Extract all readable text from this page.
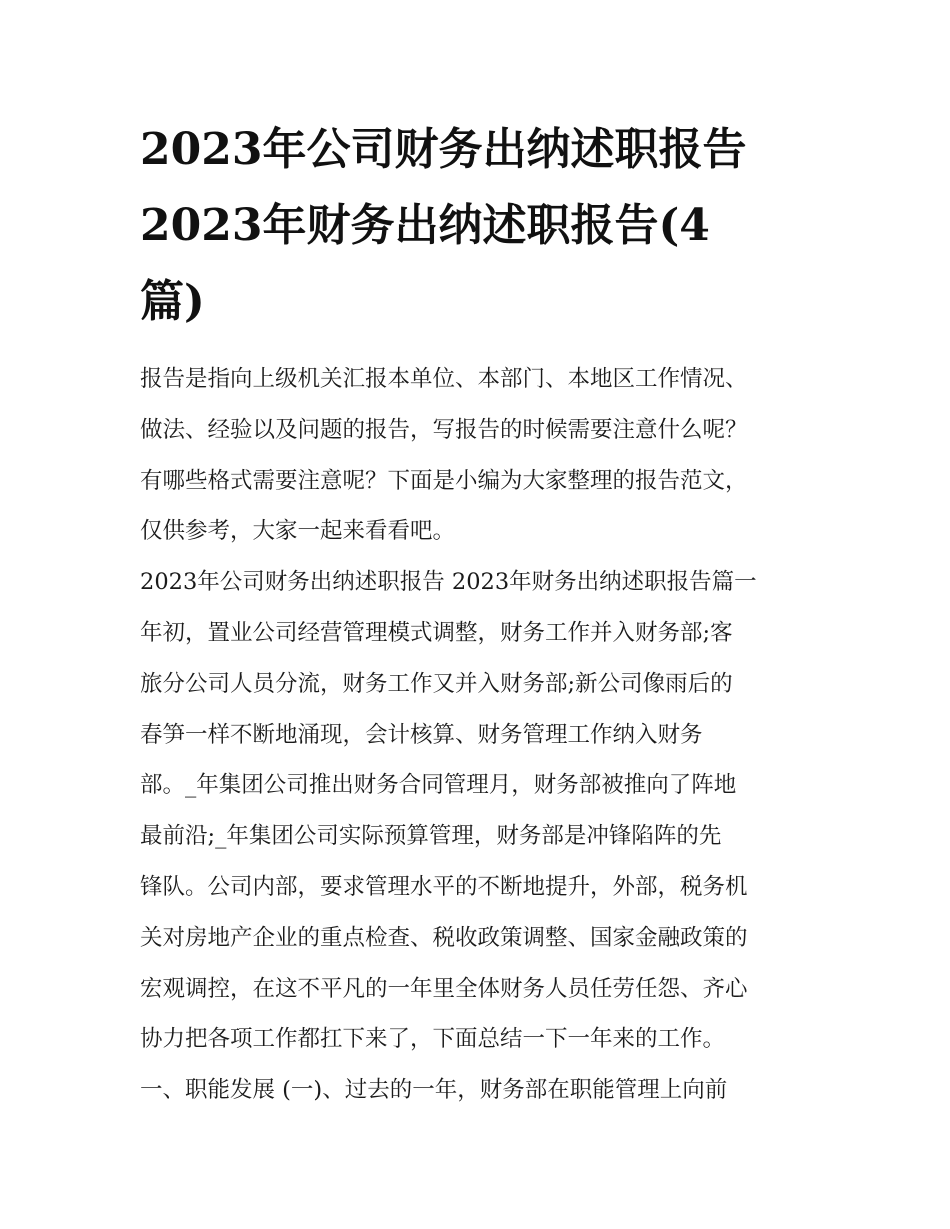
2023年公司财务出纳述职报告
2023年财务出纳述职报告(4
篇)

报告是指向上级机关汇报本单位、本部门、本地区工作情况、
做法、经验以及问题的报告，写报告的时候需要注意什么呢？
有哪些格式需要注意呢？下面是小编为大家整理的报告范文，
仅供参考，大家一起来看看吧。

2023年公司财务出纳述职报告 2023年财务出纳述职报告篇一
年初，置业公司经营管理模式调整，财务工作并入财务部;客
旅分公司人员分流，财务工作又并入财务部;新公司像雨后的
春笋一样不断地涌现，会计核算、财务管理工作纳入财务
部。_年集团公司推出财务合同管理月，财务部被推向了阵地
最前沿;_年集团公司实际预算管理，财务部是冲锋陷阵的先
锋队。公司内部，要求管理水平的不断地提升，外部，税务机
关对房地产企业的重点检查、税收政策调整、国家金融政策的
宏观调控，在这不平凡的一年里全体财务人员任劳任怨、齐心
协力把各项工作都扛下来了，下面总结一下一年来的工作。
一、职能发展 (一)、过去的一年，财务部在职能管理上向前
